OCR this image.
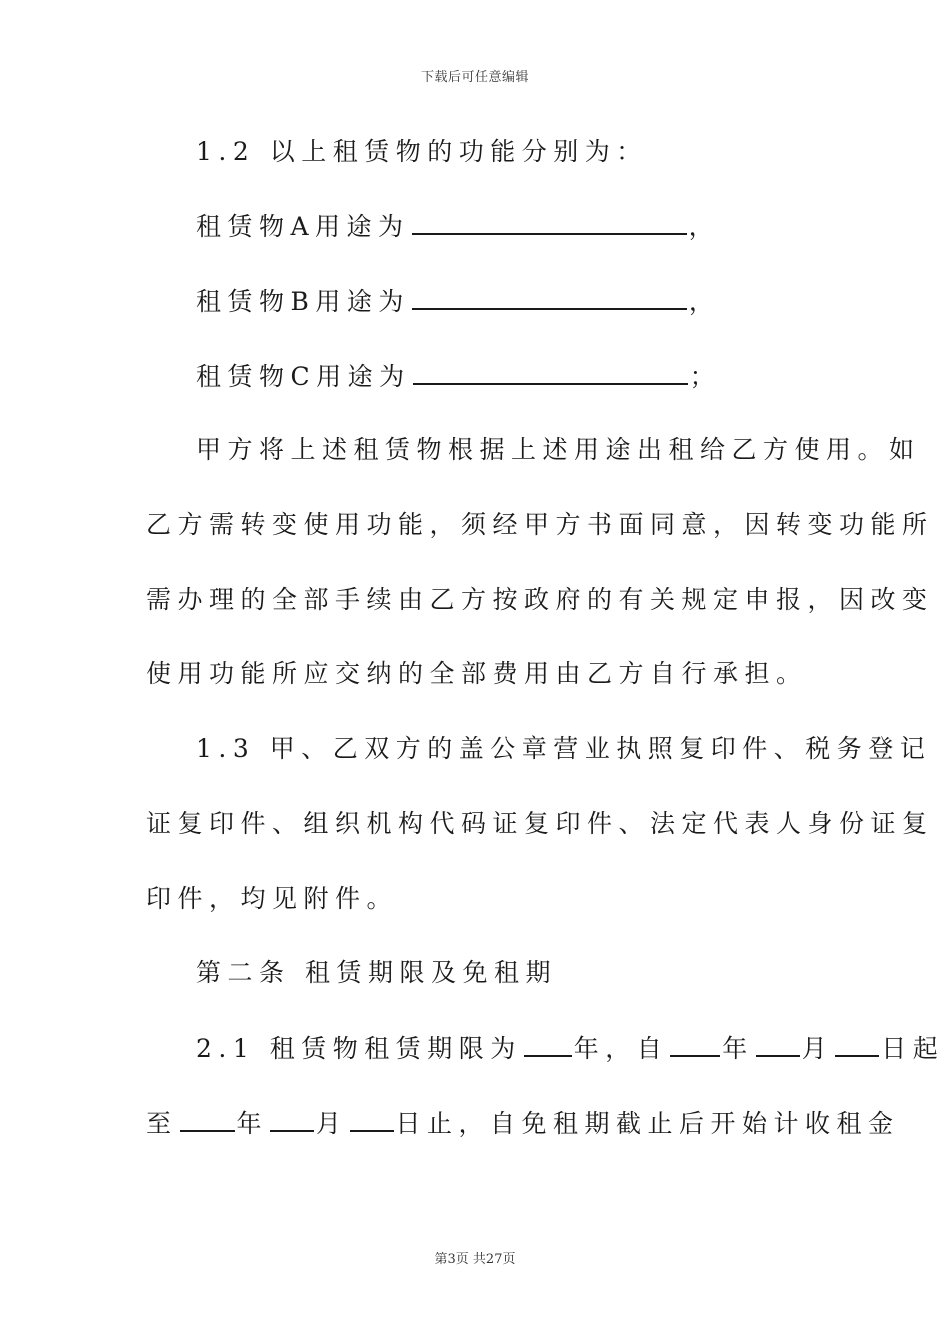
下载后可任意编辑
1.2 以上租赁物的功能分别为：
租赁物A用途为	，
租赁物B用途为	，
租赁物C用途为	；
甲方将上述租赁物根据上述用途出租给乙方使用。如
乙方需转变使用功能，须经甲方书面同意，因转变功能所
需办理的全部手续由乙方按政府的有关规定申报，因改变
使用功能所应交纳的全部费用由乙方自行承担。
1.3 甲、乙双方的盖公章营业执照复印件、税务登记
证复印件、组织机构代码证复印件、法定代表人身份证复
印件，均见附件。
第二条 租赁期限及免租期
2.1 租赁物租赁期限为 年，自 年 月 日起
至 年 月 日止，自免租期截止后开始计收租金
第3页 共27页
